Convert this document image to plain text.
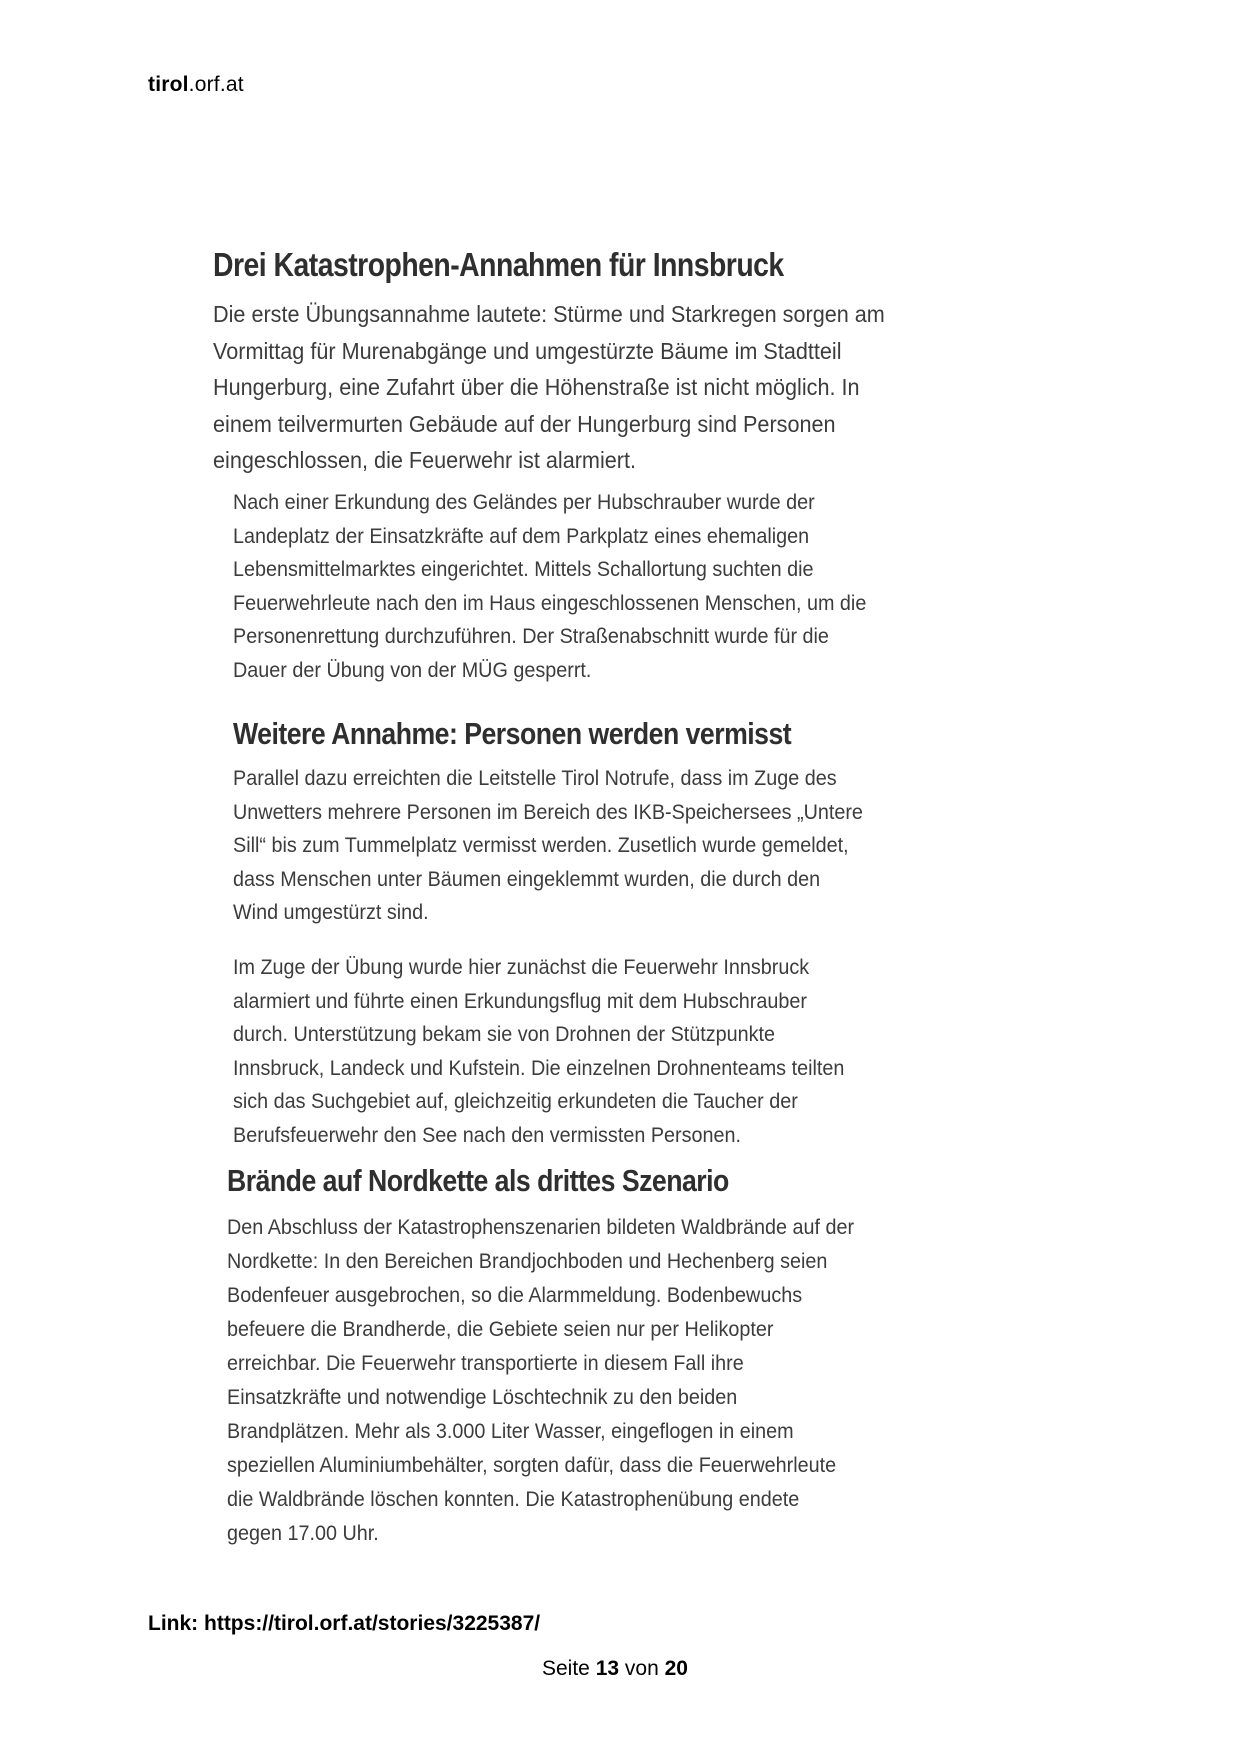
tirol.orf.at
Drei Katastrophen-Annahmen für Innsbruck
Die erste Übungsannahme lautete: Stürme und Starkregen sorgen am
Vormittag für Murenabgänge und umgestürzte Bäume im Stadtteil
Hungerburg, eine Zufahrt über die Höhenstraße ist nicht möglich. In
einem teilvermurten Gebäude auf der Hungerburg sind Personen
eingeschlossen, die Feuerwehr ist alarmiert.
Nach einer Erkundung des Geländes per Hubschrauber wurde der
Landeplatz der Einsatzkräfte auf dem Parkplatz eines ehemaligen
Lebensmittelmarktes eingerichtet. Mittels Schallortung suchten die
Feuerwehrleute nach den im Haus eingeschlossenen Menschen, um die
Personenrettung durchzuführen. Der Straßenabschnitt wurde für die
Dauer der Übung von der MÜG gesperrt.
Weitere Annahme: Personen werden vermisst
Parallel dazu erreichten die Leitstelle Tirol Notrufe, dass im Zuge des
Unwetters mehrere Personen im Bereich des IKB-Speichersees „Untere
Sill“ bis zum Tummelplatz vermisst werden. Zusetlich wurde gemeldet,
dass Menschen unter Bäumen eingeklemmt wurden, die durch den
Wind umgestürzt sind.
Im Zuge der Übung wurde hier zunächst die Feuerwehr Innsbruck
alarmiert und führte einen Erkundungsflug mit dem Hubschrauber
durch. Unterstützung bekam sie von Drohnen der Stützpunkte
Innsbruck, Landeck und Kufstein. Die einzelnen Drohnenteams teilten
sich das Suchgebiet auf, gleichzeitig erkundeten die Taucher der
Berufsfeuerwehr den See nach den vermissten Personen.
Brände auf Nordkette als drittes Szenario
Den Abschluss der Katastrophenszenarien bildeten Waldbrände auf der
Nordkette: In den Bereichen Brandjochboden und Hechenberg seien
Bodenfeuer ausgebrochen, so die Alarmmeldung. Bodenbewuchs
befeuere die Brandherde, die Gebiete seien nur per Helikopter
erreichbar. Die Feuerwehr transportierte in diesem Fall ihre
Einsatzkräfte und notwendige Löschtechnik zu den beiden
Brandplätzen. Mehr als 3.000 Liter Wasser, eingeflogen in einem
speziellen Aluminiumbehälter, sorgten dafür, dass die Feuerwehrleute
die Waldbrände löschen konnten. Die Katastrophenübung endete
gegen 17.00 Uhr.
Link: https://tirol.orf.at/stories/3225387/
Seite 13 von 20
